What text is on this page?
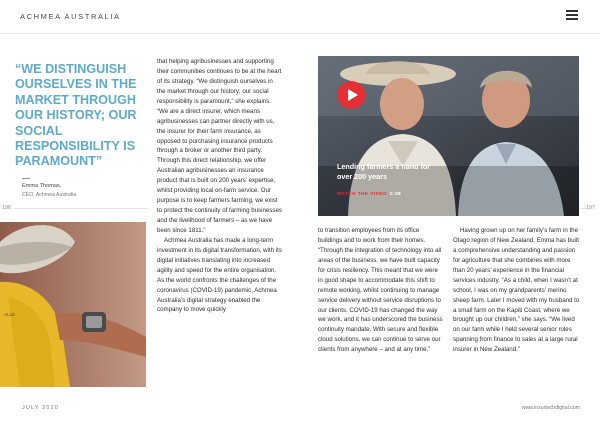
ACHMEA AUSTRALIA
“WE DISTINGUISH OURSELVES IN THE MARKET THROUGH OUR HISTORY; OUR SOCIAL RESPONSIBILITY IS PARAMOUNT”
Emma Thomas,
CEO, Achmea Australia
196	197
ALLE

that helping agribusinesses and supporting their communities continues to be at the heart of its strategy. “We distinguish ourselves in the market through our history; our social responsibility is paramount,” she explains. “We are a direct insurer, which means agribusinesses can partner directly with us, the insurer for their farm insurance, as opposed to purchasing insurance products through a broker or another third party. Through this direct relationship, we offer Australian agribusinesses an insurance product that is built on 200 years’ expertise, whilst providing local on-farm service. Our purpose is to keep farmers farming, we exist to protect the continuity of farming businesses and the livelihood of farmers – as we have been since 1811.”

Achmea Australia has made a long-term investment in its digital transformation, with its digital initiatives translating into increased agility and speed for the entire organisation. As the world confronts the challenges of the coronavirus (COVID-19) pandemic, Achmea Australia’s digital strategy enabled the company to move quickly

Lending farmers a hand for over 200 years
WATCH THE VIDEO 0:38

to transition employees from its office buildings and to work from their homes. “Through the integration of technology into all areas of the business, we have built capacity for crisis resiliency. This meant that we were in good shape to accommodate this shift to remote working, whilst continuing to manage service delivery without service disruptions to our clients. COVID-19 has changed the way we work, and it has underscored the business continuity mandate. With secure and flexible cloud solutions, we can continue to serve our clients from anywhere – and at any time.”

Having grown up on her family’s farm in the Otago region of New Zealand, Emma has built a comprehensive understanding and passion for agriculture that she combines with more than 20 years’ experience in the financial services industry. “As a child, when I wasn’t at school, I was on my grandparents’ merino sheep farm. Later I moved with my husband to a small farm on the Kapiti Coast, where we brought up our children,” she says. “We lived on our farm while I held several senior roles spanning from finance to sales at a large rural insurer in New Zealand.”

JULY 2020	www.insurtechdigital.com
